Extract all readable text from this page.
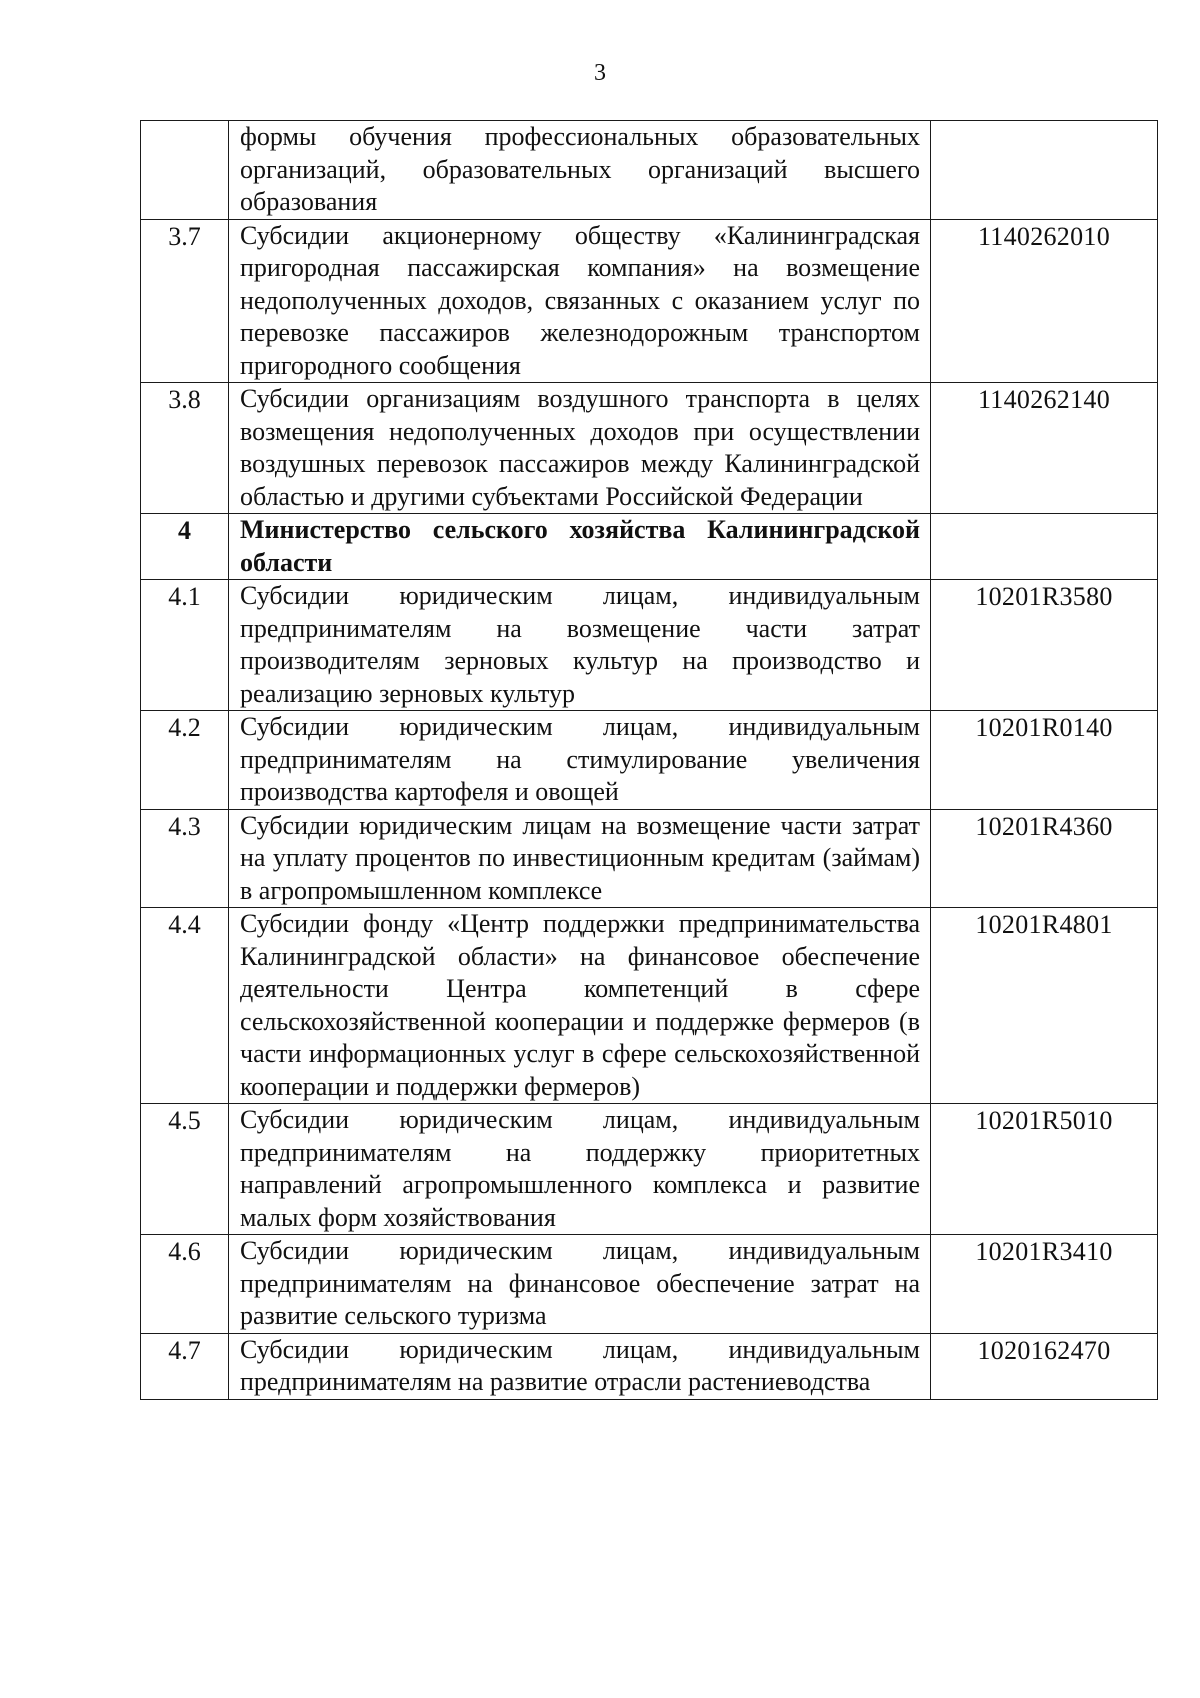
3
	формы обучения профессиональных образовательных организаций, образовательных организаций высшего образования	
3.7	Субсидии акционерному обществу «Калининградская пригородная пассажирская компания» на возмещение недополученных доходов, связанных с оказанием услуг по перевозке пассажиров железнодорожным транспортом пригородного сообщения	1140262010
3.8	Субсидии организациям воздушного транспорта в целях возмещения недополученных доходов при осуществлении воздушных перевозок пассажиров между Калининградской областью и другими субъектами Российской Федерации	1140262140
4	Министерство сельского хозяйства Калининградской области	
4.1	Субсидии юридическим лицам, индивидуальным предпринимателям на возмещение части затрат производителям зерновых культур на производство и реализацию зерновых культур	10201R3580
4.2	Субсидии юридическим лицам, индивидуальным предпринимателям на стимулирование увеличения производства картофеля и овощей	10201R0140
4.3	Субсидии юридическим лицам на возмещение части затрат на уплату процентов по инвестиционным кредитам (займам) в агропромышленном комплексе	10201R4360
4.4	Субсидии фонду «Центр поддержки предпринимательства Калининградской области» на финансовое обеспечение деятельности Центра компетенций в сфере сельскохозяйственной кооперации и поддержке фермеров (в части информационных услуг в сфере сельскохозяйственной кооперации и поддержки фермеров)	10201R4801
4.5	Субсидии юридическим лицам, индивидуальным предпринимателям на поддержку приоритетных направлений агропромышленного комплекса и развитие малых форм хозяйствования	10201R5010
4.6	Субсидии юридическим лицам, индивидуальным предпринимателям на финансовое обеспечение затрат на развитие сельского туризма	10201R3410
4.7	Субсидии юридическим лицам, индивидуальным предпринимателям на развитие отрасли растениеводства	1020162470
